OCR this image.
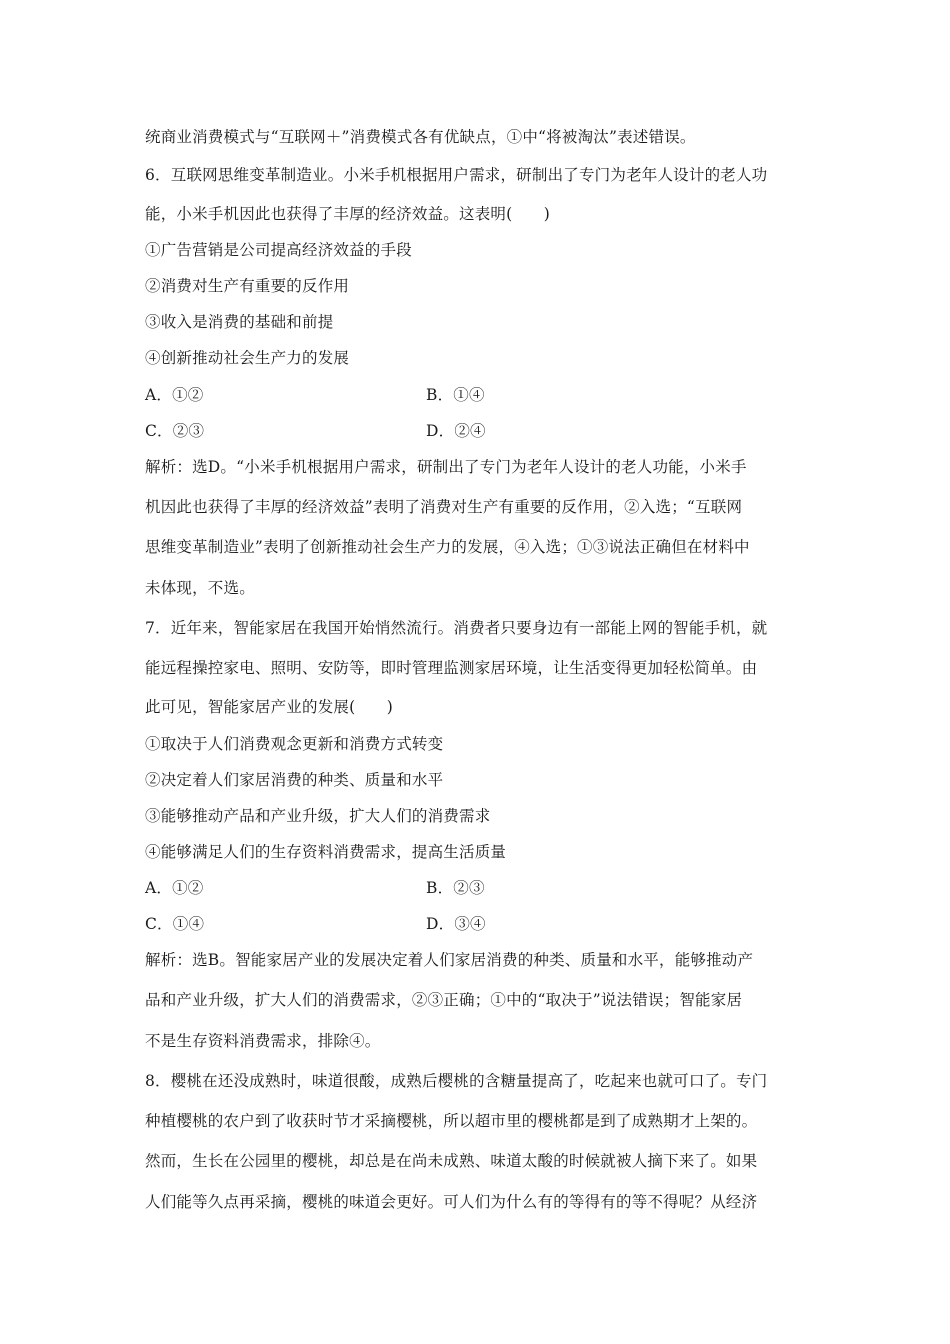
统商业消费模式与“互联网＋”消费模式各有优缺点，①中“将被淘汰”表述错误。
6．互联网思维变革制造业。小米手机根据用户需求，研制出了专门为老年人设计的老人功
能，小米手机因此也获得了丰厚的经济效益。这表明(　　)
①广告营销是公司提高经济效益的手段
②消费对生产有重要的反作用
③收入是消费的基础和前提
④创新推动社会生产力的发展
A．①②	B．①④
C．②③	D．②④
解析：选D。“小米手机根据用户需求，研制出了专门为老年人设计的老人功能，小米手
机因此也获得了丰厚的经济效益”表明了消费对生产有重要的反作用，②入选；“互联网
思维变革制造业”表明了创新推动社会生产力的发展，④入选；①③说法正确但在材料中
未体现，不选。
7．近年来，智能家居在我国开始悄然流行。消费者只要身边有一部能上网的智能手机，就
能远程操控家电、照明、安防等，即时管理监测家居环境，让生活变得更加轻松简单。由
此可见，智能家居产业的发展(　　)
①取决于人们消费观念更新和消费方式转变
②决定着人们家居消费的种类、质量和水平
③能够推动产品和产业升级，扩大人们的消费需求
④能够满足人们的生存资料消费需求，提高生活质量
A．①②	B．②③
C．①④	D．③④
解析：选B。智能家居产业的发展决定着人们家居消费的种类、质量和水平，能够推动产
品和产业升级，扩大人们的消费需求，②③正确；①中的“取决于”说法错误；智能家居
不是生存资料消费需求，排除④。
8．樱桃在还没成熟时，味道很酸，成熟后樱桃的含糖量提高了，吃起来也就可口了。专门
种植樱桃的农户到了收获时节才采摘樱桃，所以超市里的樱桃都是到了成熟期才上架的。
然而，生长在公园里的樱桃，却总是在尚未成熟、味道太酸的时候就被人摘下来了。如果
人们能等久点再采摘，樱桃的味道会更好。可人们为什么有的等得有的等不得呢？从经济
